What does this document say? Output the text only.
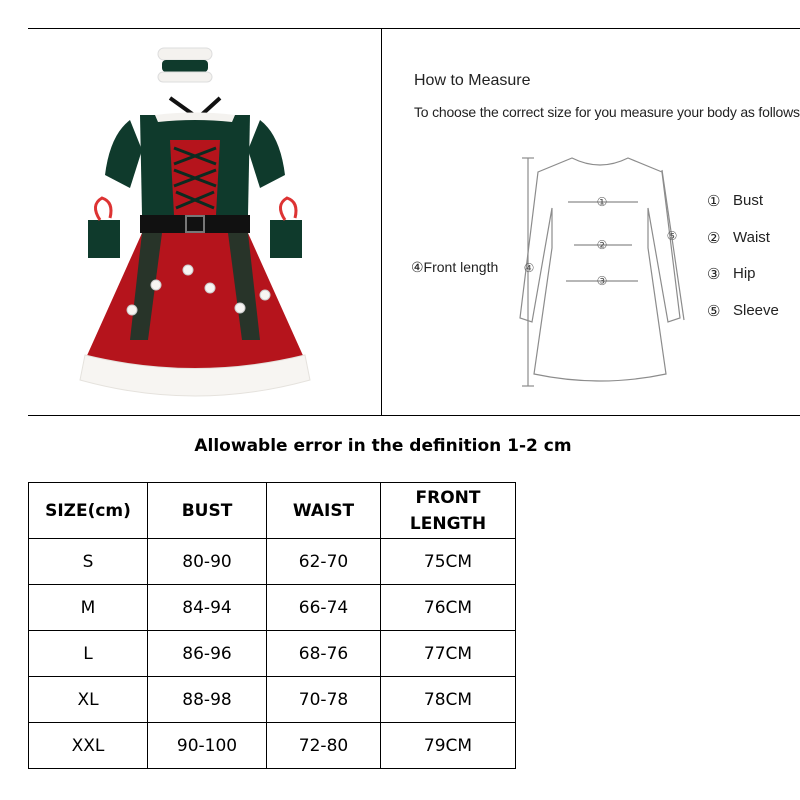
How to Measure
To choose the correct size for you measure your body as follows
①
②
③
④
⑤
④Front length
① Bust
② Waist
③ Hip
⑤ Sleeve
Allowable error in the definition 1-2 cm
SIZE(cm)	BUST	WAIST	FRONT
LENGTH
S	80-90	62-70	75CM
M	84-94	66-74	76CM
L	86-96	68-76	77CM
XL	88-98	70-78	78CM
XXL	90-100	72-80	79CM
